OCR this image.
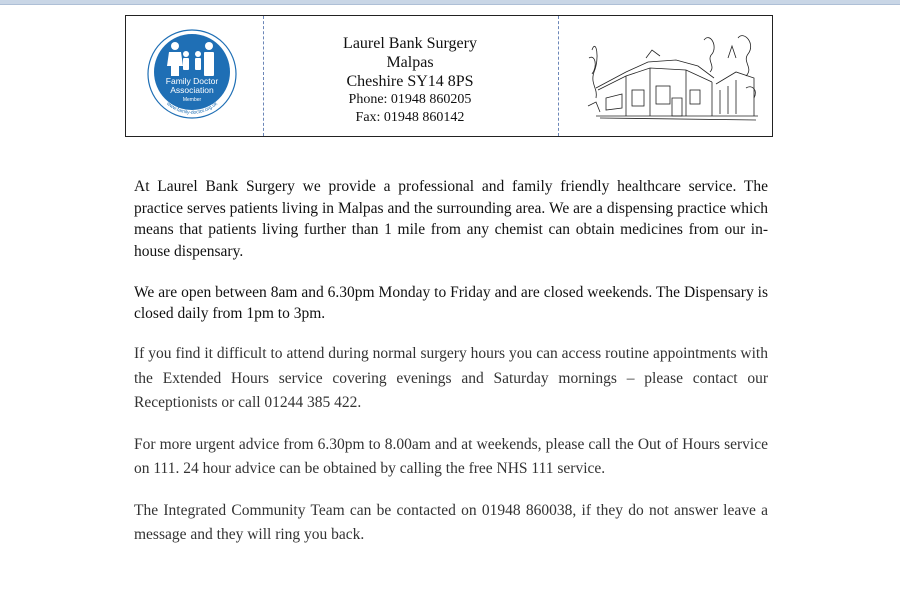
Family Doctor
Association
Member
www.family-doctor.org.uk
Laurel Bank Surgery
Malpas
Cheshire SY14 8PS
Phone: 01948 860205
Fax: 01948 860142

At Laurel Bank Surgery we provide a professional and family friendly healthcare service. The practice serves patients living in Malpas and the surrounding area. We are a dispensing practice which means that patients living further than 1 mile from any chemist can obtain medicines from our in-house dispensary.

We are open between 8am and 6.30pm Monday to Friday and are closed weekends. The Dispensary is closed daily from 1pm to 3pm.

If you find it difficult to attend during normal surgery hours you can access routine appointments with the Extended Hours service covering evenings and Saturday mornings – please contact our Receptionists or call 01244 385 422.

For more urgent advice from 6.30pm to 8.00am and at weekends, please call the Out of Hours service on 111. 24 hour advice can be obtained by calling the free NHS 111 service.

The Integrated Community Team can be contacted on 01948 860038, if they do not answer leave a message and they will ring you back.
